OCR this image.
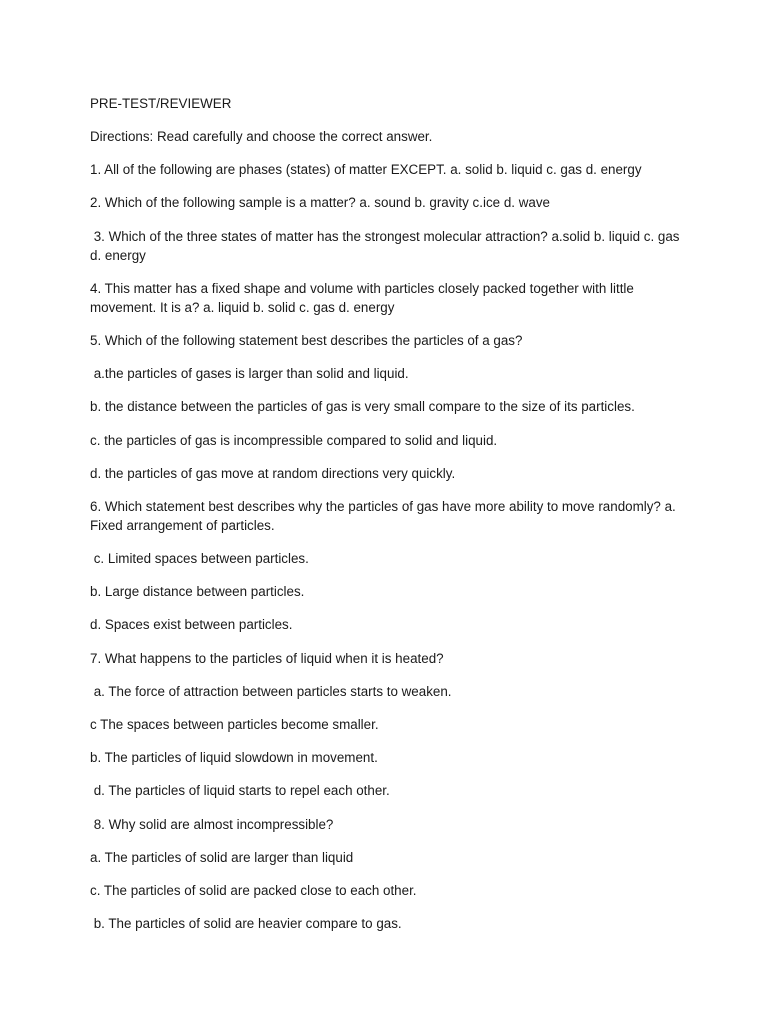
PRE-TEST/REVIEWER
Directions: Read carefully and choose the correct answer.
1. All of the following are phases (states) of matter EXCEPT. a. solid b. liquid c. gas d. energy
2. Which of the following sample is a matter? a. sound b. gravity c.ice d. wave
3. Which of the three states of matter has the strongest molecular attraction? a.solid b. liquid c. gas d. energy
4. This matter has a fixed shape and volume with particles closely packed together with little movement. It is a? a. liquid b. solid c. gas d. energy
5. Which of the following statement best describes the particles of a gas?
a.the particles of gases is larger than solid and liquid.
b. the distance between the particles of gas is very small compare to the size of its particles.
c. the particles of gas is incompressible compared to solid and liquid.
d. the particles of gas move at random directions very quickly.
6. Which statement best describes why the particles of gas have more ability to move randomly? a. Fixed arrangement of particles.
c. Limited spaces between particles.
b. Large distance between particles.
d. Spaces exist between particles.
7. What happens to the particles of liquid when it is heated?
a. The force of attraction between particles starts to weaken.
c The spaces between particles become smaller.
b. The particles of liquid slowdown in movement.
d. The particles of liquid starts to repel each other.
8. Why solid are almost incompressible?
a. The particles of solid are larger than liquid
c. The particles of solid are packed close to each other.
b. The particles of solid are heavier compare to gas.
